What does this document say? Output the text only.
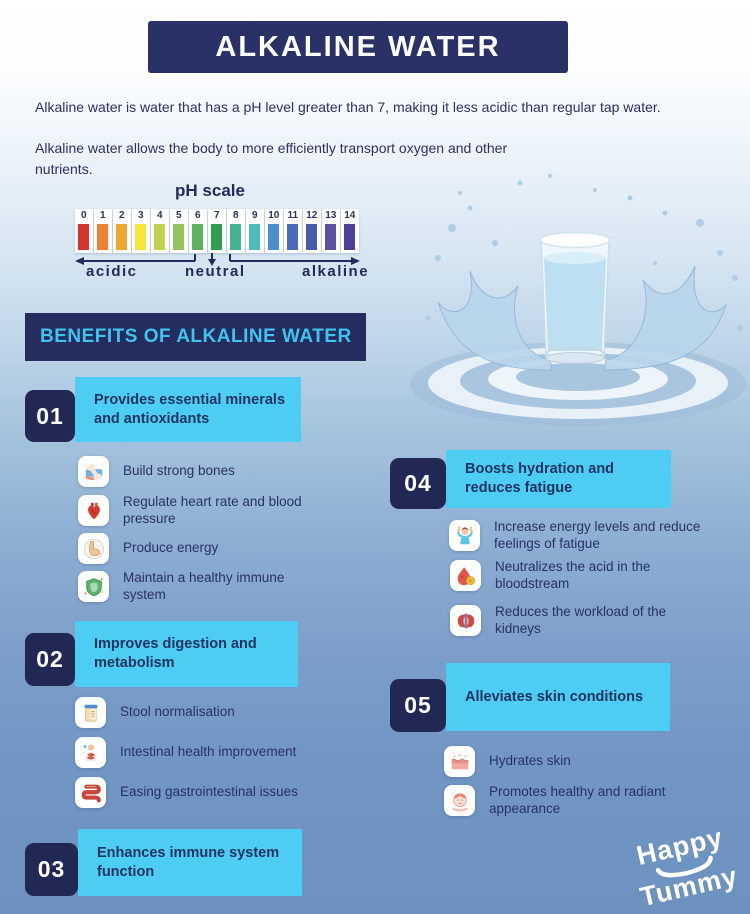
ALKALINE WATER

Alkaline water is water that has a pH level greater than 7, making it less acidic than regular tap water.

Alkaline water allows the body to more efficiently transport oxygen and other nutrients.

pH scale
0 1 2 3 4 5 6 7 8 9 10 11 12 13 14
acidic	neutral	alkaline
BENEFITS OF ALKALINE WATER
01
Provides essential minerals and antioxidants
Build strong bones
Regulate heart rate and blood pressure
Produce energy
Maintain a healthy immune system
02
Improves digestion and metabolism
Stool normalisation
Intestinal health improvement
Easing gastrointestinal issues
03
Enhances immune system function
04
Boosts hydration and reduces fatigue
Increase energy levels and reduce feelings of fatigue
Neutralizes the acid in the bloodstream
Reduces the workload of the kidneys
05 Alleviates skin conditions
Hydrates skin
Promotes healthy and radiant appearance
Happy
Tummy
